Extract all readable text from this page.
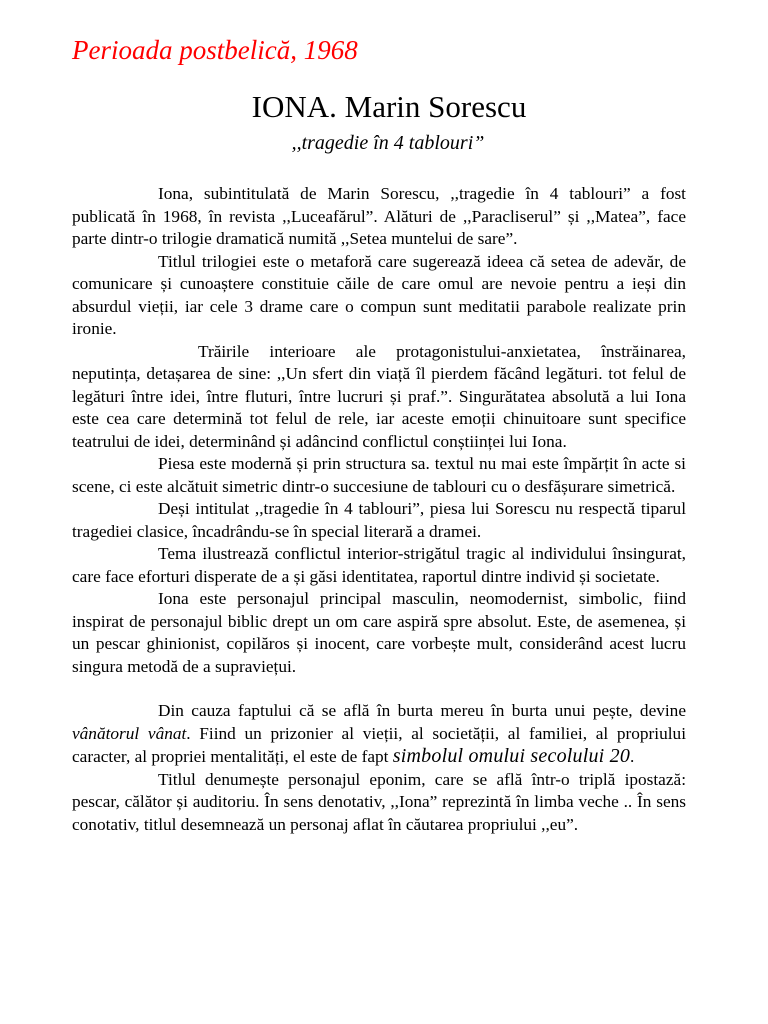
Perioada postbelică, 1968
IONA. Marin Sorescu
,,tragedie în 4 tablouri”

Iona, subintitulată de Marin Sorescu, ,,tragedie în 4 tablouri” a fost publicată în 1968, în revista ,,Luceafărul”. Alături de ,,Paracliserul” și ,,Matea”, face parte dintr-o trilogie dramatică numită ,,Setea muntelui de sare”.

Titlul trilogiei este o metaforă care sugerează ideea că setea de adevăr, de comunicare și cunoaștere constituie căile de care omul are nevoie pentru a ieși din absurdul vieții, iar cele 3 drame care o compun sunt meditatii parabole realizate prin ironie.

Trăirile interioare ale protagonistului-anxietatea, înstrăinarea, neputința, detașarea de sine: ,,Un sfert din viață îl pierdem făcând legături. tot felul de legături între idei, între fluturi, între lucruri și praf.”. Singurătatea absolută a lui Iona este cea care determină tot felul de rele, iar aceste emoții chinuitoare sunt specifice teatrului de idei, determinând și adâncind conflictul conștiinței lui Iona.

Piesa este modernă și prin structura sa. textul nu mai este împărțit în acte si scene, ci este alcătuit simetric dintr-o succesiune de tablouri cu o desfășurare simetrică.

Deși intitulat ,,tragedie în 4 tablouri”, piesa lui Sorescu nu respectă tiparul tragediei clasice, încadrându-se în special literară a dramei.

Tema ilustrează conflictul interior-strigătul tragic al individului însingurat, care face eforturi disperate de a și găsi identitatea, raportul dintre individ și societate.

Iona este personajul principal masculin, neomodernist, simbolic, fiind inspirat de personajul biblic drept un om care aspiră spre absolut. Este, de asemenea, și un pescar ghinionist, copilăros și inocent, care vorbește mult, considerând acest lucru singura metodă de a supraviețui.

Din cauza faptului că se află în burta mereu în burta unui pește, devine vânătorul vânat. Fiind un prizonier al vieții, al societății, al familiei, al propriului caracter, al propriei mentalități, el este de fapt simbolul omului secolului 20.

Titlul denumește personajul eponim, care se află într-o triplă ipostază: pescar, călător și auditoriu. În sens denotativ, ,,Iona” reprezintă în limba veche .. În sens conotativ, titlul desemnează un personaj aflat în căutarea propriului ,,eu”.
